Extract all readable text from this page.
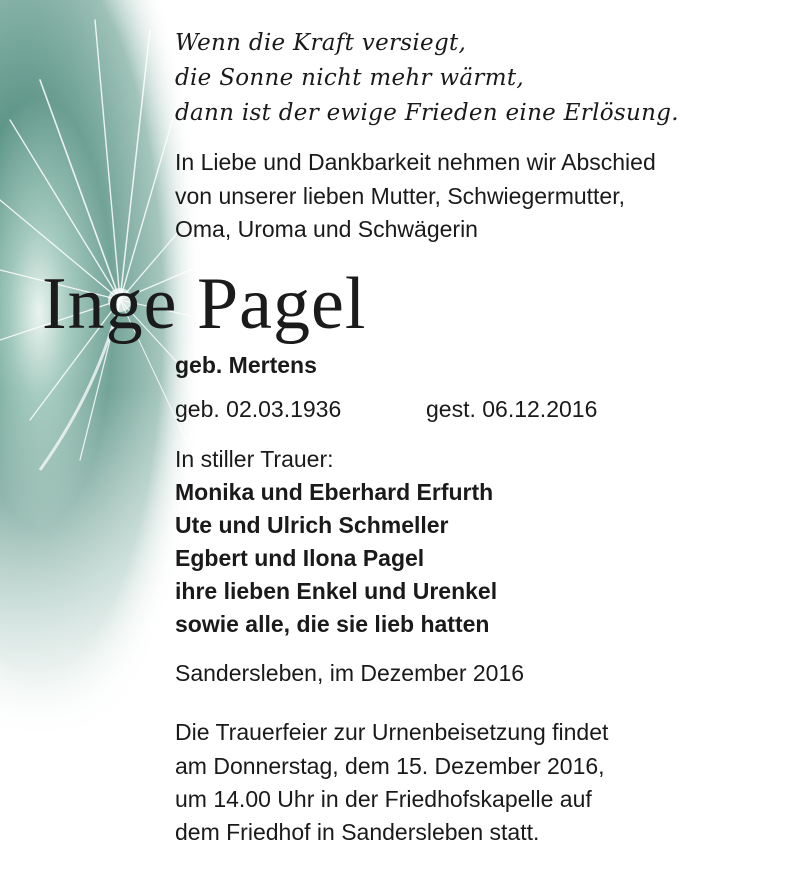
Wenn die Kraft versiegt,
die Sonne nicht mehr wärmt,
dann ist der ewige Frieden eine Erlösung.
In Liebe und Dankbarkeit nehmen wir Abschied
von unserer lieben Mutter, Schwiegermutter,
Oma, Uroma und Schwägerin
Inge Pagel
geb. Mertens
geb. 02.03.1936	gest. 06.12.2016
In stiller Trauer:
Monika und Eberhard Erfurth
Ute und Ulrich Schmeller
Egbert und Ilona Pagel
ihre lieben Enkel und Urenkel
sowie alle, die sie lieb hatten
Sandersleben, im Dezember 2016
Die Trauerfeier zur Urnenbeisetzung findet
am Donnerstag, dem 15. Dezember 2016,
um 14.00 Uhr in der Friedhofskapelle auf
dem Friedhof in Sandersleben statt.
